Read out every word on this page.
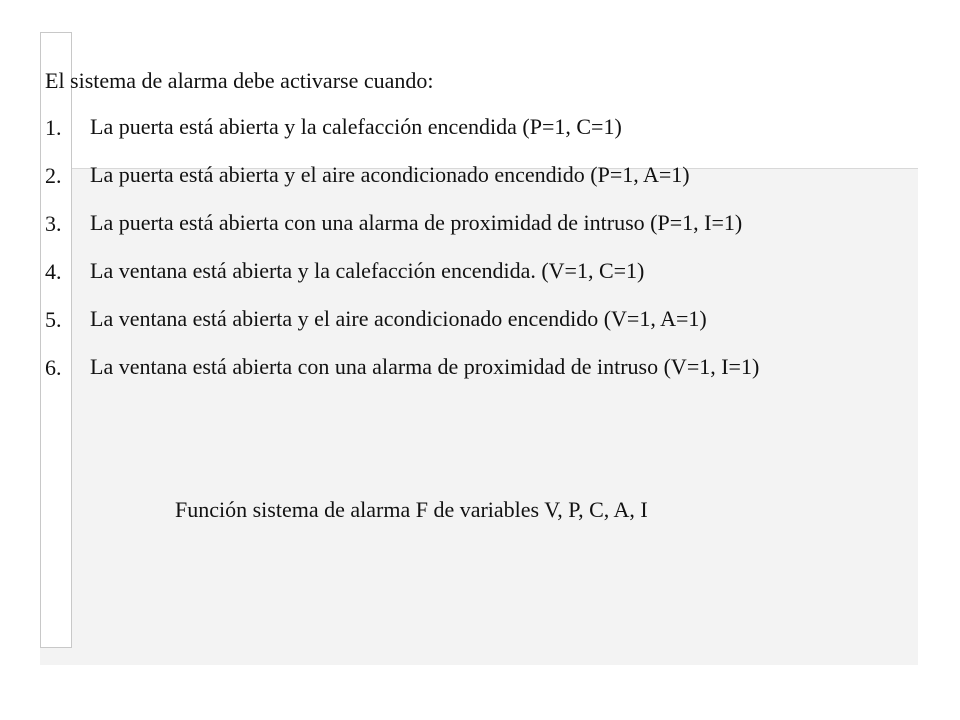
El sistema de alarma debe activarse cuando:

1.	La puerta está abierta y la calefacción encendida (P=1, C=1)
2.	La puerta está abierta y el aire acondicionado encendido (P=1, A=1)
3.	La puerta está abierta con una alarma de proximidad de intruso (P=1, I=1)
4.	La ventana está abierta y la calefacción encendida. (V=1, C=1)
5.	La ventana está abierta y el aire acondicionado encendido (V=1, A=1)
6.	La ventana está abierta con una alarma de proximidad de intruso (V=1, I=1)
Función sistema de alarma F de variables V, P, C, A, I
